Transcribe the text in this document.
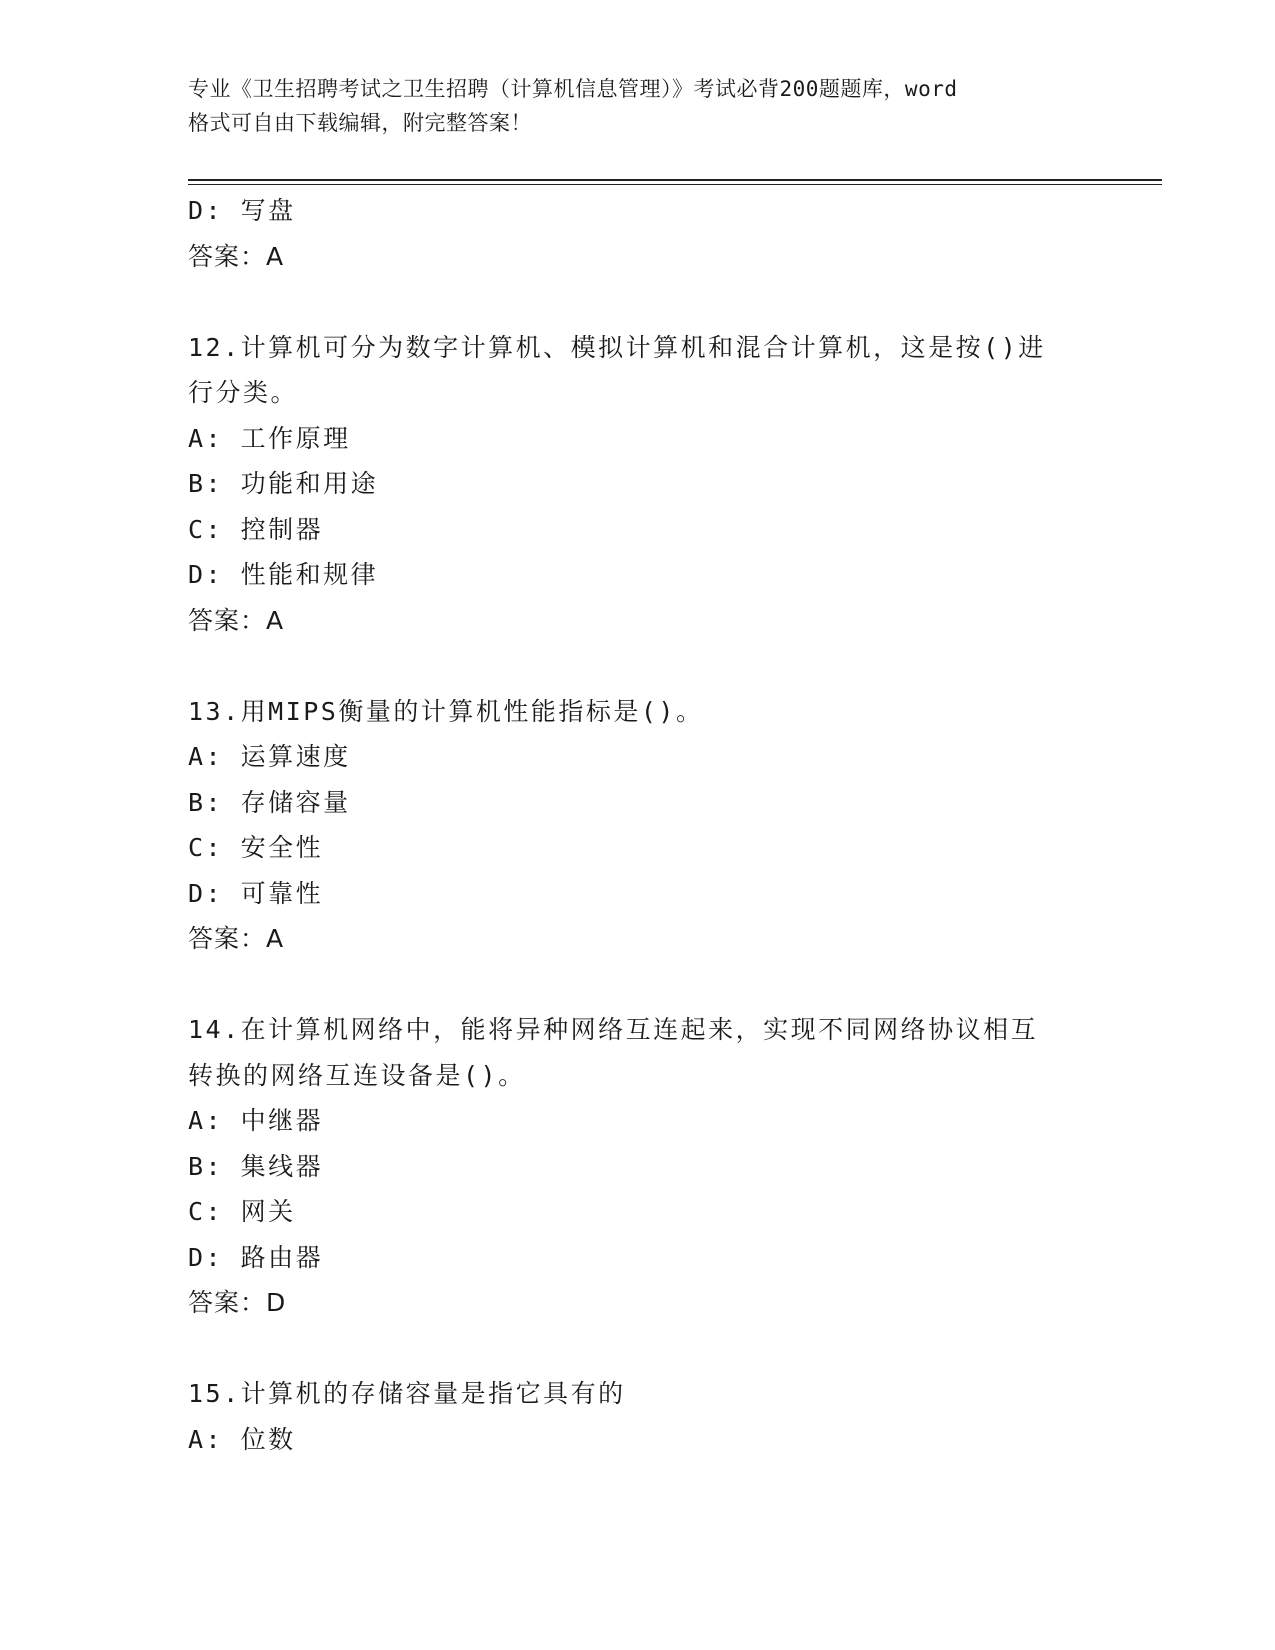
专业《卫生招聘考试之卫生招聘（计算机信息管理）》考试必背200题题库，word
格式可自由下载编辑，附完整答案！
D: 写盘
答案：A
12.计算机可分为数字计算机、模拟计算机和混合计算机，这是按()进
行分类。
A: 工作原理
B: 功能和用途
C: 控制器
D: 性能和规律
答案：A
13.用MIPS衡量的计算机性能指标是()。
A: 运算速度
B: 存储容量
C: 安全性
D: 可靠性
答案：A
14.在计算机网络中，能将异种网络互连起来，实现不同网络协议相互
转换的网络互连设备是()。
A: 中继器
B: 集线器
C: 网关
D: 路由器
答案：D
15.计算机的存储容量是指它具有的
A: 位数
